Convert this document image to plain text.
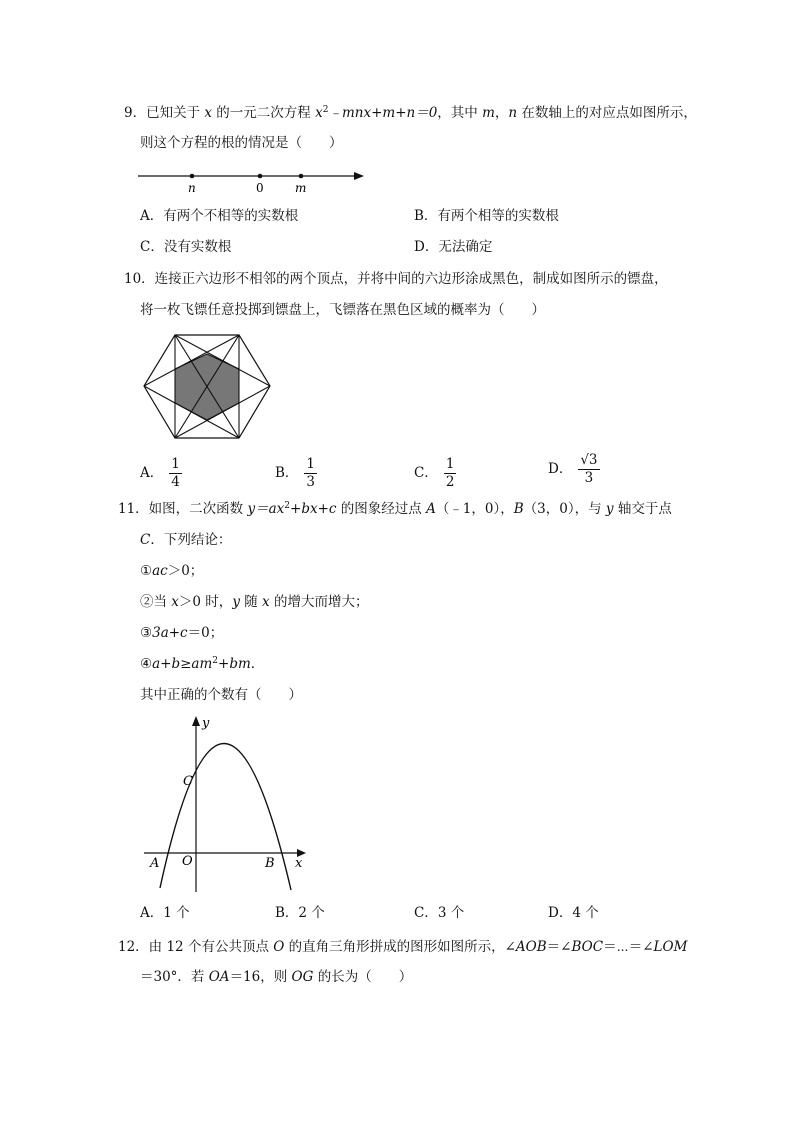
9．已知关于 x 的一元二次方程 $x^2﹣mnx+m+n=0$，其中 m，n 在数轴上的对应点如图所示，
则这个方程的根的情况是（　　）
n	0	m
A．有两个不相等的实数根	B．有两个相等的实数根
C．没有实数根	D．无法确定
10．连接正六边形不相邻的两个顶点，并将中间的六边形涂成黑色，制成如图所示的镖盘，
将一枚飞镖任意投掷到镖盘上，飞镖落在黑色区域的概率为（　　）
A． $\frac{1}{4}$	B． $\frac{1}{3}$	C． $\frac{1}{2}$	D． $\frac{√3}{3}$
11．如图，二次函数 $y=ax^2+bx+c$ 的图象经过点 A（﹣1，0），B（3，0），与 y 轴交于点
C．下列结论：
①ac＞0；
②当 x＞0 时，y 随 x 的增大而增大；
③3a+c＝0；
$④a+b\ge am^2+bm$．
其中正确的个数有（　　）
y
x
C
O
A	B
A．1 个	B．2 个	C．3 个	D．4 个
12．由 12 个有公共顶点 O 的直角三角形拼成的图形如图所示，∠AOB＝∠BOC＝⋯＝∠LOM
＝30°．若 OA＝16，则 OG 的长为（　　）
